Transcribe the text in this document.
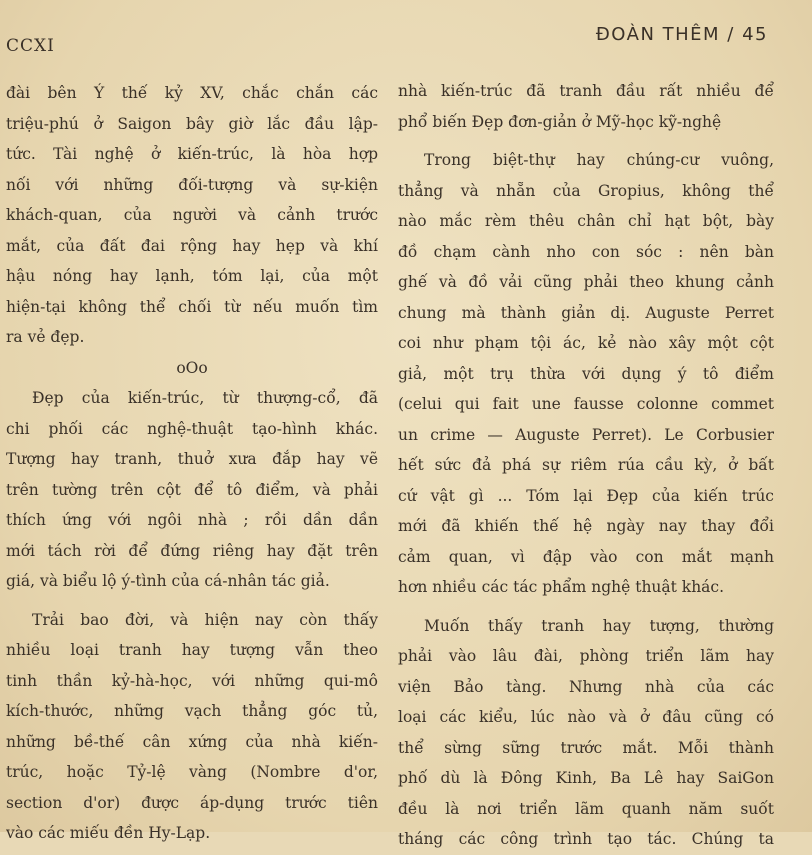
CCXI
ĐOÀN THÊM / 45

đài bên Ý thế kỷ XV, chắc chắn các
triệu-phú ở Saigon bây giờ lắc đầu lập-
tức. Tài nghệ ở kiến-trúc, là hòa hợp
nối với những đối-tượng và sự-kiện
khách-quan, của người và cảnh trước
mắt, của đất đai rộng hay hẹp và khí
hậu nóng hay lạnh, tóm lại, của một
hiện-tại không thể chối từ nếu muốn tìm
ra vẻ đẹp.

oOo

Đẹp của kiến-trúc, từ thượng-cổ, đã
chi phối các nghệ-thuật tạo-hình khác.
Tượng hay tranh, thuở xưa đắp hay vẽ
trên tường trên cột để tô điểm, và phải
thích ứng với ngôi nhà ; rồi dần dần
mới tách rời để đứng riêng hay đặt trên
giá, và biểu lộ ý-tình của cá-nhân tác giả.

Trải bao đời, và hiện nay còn thấy
nhiều loại tranh hay tượng vẫn theo
tinh thần kỷ-hà-học, với những qui-mô
kích-thước, những vạch thẳng góc tủ,
những bề-thế cân xứng của nhà kiến-
trúc, hoặc Tỷ-lệ vàng (Nombre d'or,
section d'or) được áp-dụng trước tiên
vào các miếu đền Hy-Lạp.

nhà kiến-trúc đã tranh đầu rất nhiều để
phổ biến Đẹp đơn-giản ở Mỹ-học kỹ-nghệ

Trong biệt-thự hay chúng-cư vuông,
thẳng và nhẵn của Gropius, không thể
nào mắc rèm thêu chân chỉ hạt bột, bày
đồ chạm cành nho con sóc : nên bàn
ghế và đồ vải cũng phải theo khung cảnh
chung mà thành giản dị. Auguste Perret
coi như phạm tội ác, kẻ nào xây một cột
giả, một trụ thừa với dụng ý tô điểm
(celui qui fait une fausse colonne commet
un crime — Auguste Perret). Le Corbusier
hết sức đả phá sự riêm rúa cầu kỳ, ở bất
cứ vật gì ... Tóm lại Đẹp của kiến trúc
mới đã khiến thế hệ ngày nay thay đổi
cảm quan, vì đập vào con mắt mạnh
hơn nhiều các tác phẩm nghệ thuật khác.

Muốn thấy tranh hay tượng, thường
phải vào lâu đài, phòng triển lãm hay
viện Bảo tàng. Nhưng nhà của các
loại các kiểu, lúc nào và ở đâu cũng có
thể sừng sững trước mắt. Mỗi thành
phố dù là Đông Kinh, Ba Lê hay SaiGon
đều là nơi triển lãm quanh năm suốt
tháng các công trình tạo tác. Chúng ta
